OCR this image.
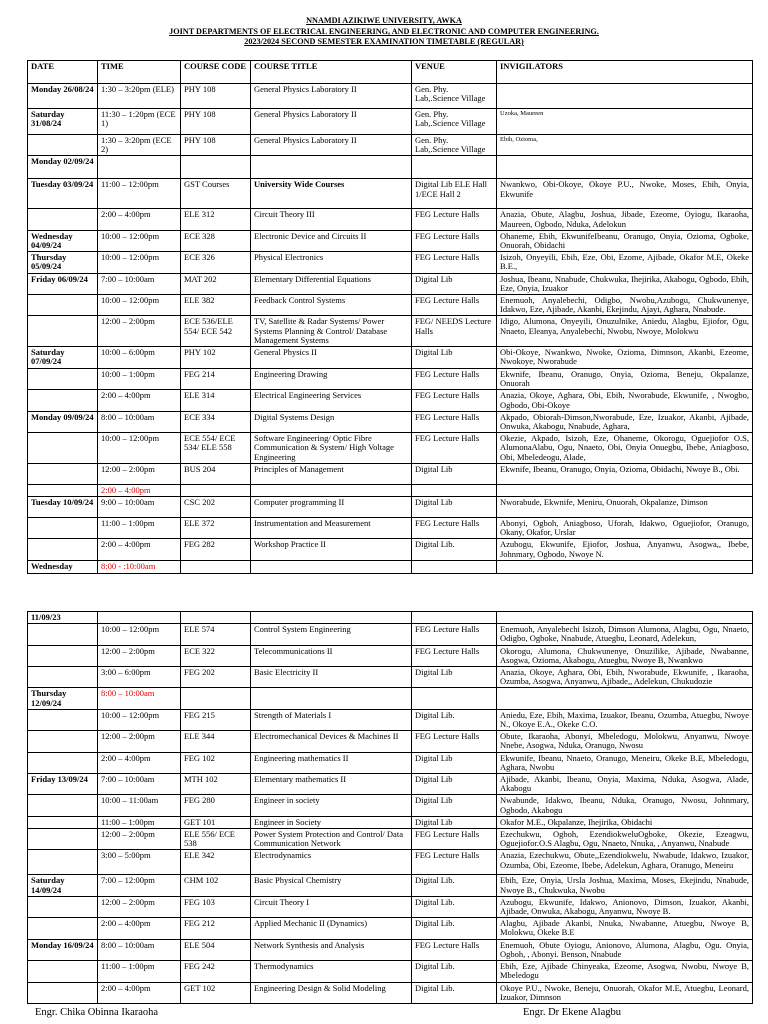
NNAMDI AZIKIWE UNIVERSITY, AWKA
JOINT DEPARTMENTS OF ELECTRICAL ENGINEERING, AND ELECTRONIC AND COMPUTER ENGINEERING.
2023/2024 SECOND SEMESTER EXAMINATION TIMETABLE (REGULAR)
DATE	TIME	COURSE CODE	COURSE TITLE	VENUE	INVIGILATORS
Monday 26/08/24	1:30 – 3:20pm (ELE)	PHY 108	General Physics Laboratory II	Gen. Phy. Lab,.Science Village	
Saturday 31/08/24	11:30 – 1:20pm (ECE 1)	PHY 108	General Physics Laboratory II	Gen. Phy. Lab,.Science Village	Uzoka, Maureen
	1:30 – 3:20pm (ECE 2)	PHY 108	General Physics Laboratory II	Gen. Phy. Lab,.Science Village	Ebih, Ozioma,
Monday 02/09/24					
Tuesday 03/09/24	11:00 – 12:00pm	GST Courses	University Wide Courses	Digital Lib ELE Hall 1/ECE Hall 2	Nwankwo, Obi-Okoye, Okoye P.U., Nwoke, Moses, Ebih, Onyia, Ekwunife
	2:00 – 4:00pm	ELE 312	Circuit Theory III	FEG Lecture Halls	Anazia, Obute, Alagbu, Joshua, Jibade, Ezeome, Oyiogu, Ikaraoha, Maureen, Ogbodo, Nduka, Adelokun
Wednesday 04/09/24	10:00 – 12:00pm	ECE 328	Electronic Device and Circuits II	FEG Lecture Halls	Ohaneme, Ebih, EkwunifeIbeanu, Oranugo, Onyia, Ozioma, Ogboke, Onuorah, Obidachi
Thursday 05/09/24	10:00 – 12:00pm	ECE 326	Physical Electronics	FEG Lecture Halls	Isizoh, Onyeyili, Ebih, Eze, Obi, Ezome, Ajibade, Okafor M.E, Okeke B.E.,
Friday 06/09/24	7:00 – 10:00am	MAT 202	Elementary Differential Equations	Digital Lib	Joshua, Ibeanu, Nnabude, Chukwuka, Ihejirika, Akabogu, Ogbodo, Ebih, Eze, Onyia, Izuakor
	10:00 – 12:00pm	ELE 382	Feedback Control Systems	FEG Lecture Halls	Enemuoh, Anyalebechi, Odigbo, Nwobu,Azubogu, Chukwunenye, Idakwo, Eze, Ajibade, Akanbi, Ekejindu, Ajayi, Aghara, Nnabude.
	12:00 – 2:00pm	ECE 536/ELE 554/ ECE 542	TV, Satellite & Radar Systems/ Power Systems Planning & Control/ Database Management Systems	FEG/ NEEDS Lecture Halls	Idigo, Alumona, Onyeyili, Onuzulnike, Aniedu, Alagbu, Ejiofor, Ogu, Nnaeto, Eleanya, Anyalebechi, Nwobu, Nwoye, Molokwu
Saturday 07/09/24	10:00 – 6:00pm	PHY 102	General Physics II	Digital Lib	Obi-Okoye, Nwankwo, Nwoke, Ozioma, Dimnson, Akanbi, Ezeome, Nwokoye, Nworabude
	10:00 – 1:00pm	FEG 214	Engineering Drawing	FEG Lecture Halls	Ekwnife, Ibeanu, Oranugo, Onyia, Ozioma, Beneju, Okpalanze, Onuorah
	2:00 – 4:00pm	ELE 314	Electrical Engineering Services	FEG Lecture Halls	Anazia, Okoye, Aghara, Obi, Ebih, Nworabude, Ekwunife, , Nwogbo, Ogbodo, Obi-Okoye
Monday 09/09/24	8:00 – 10:00am	ECE 334	Digital Systems Design	FEG Lecture Halls	Akpado, Obiorah-Dimson,Nworabude, Eze, Izuakor, Akanbi, Ajibade, Onwuka, Akabogu, Nnabude, Aghara,
	10:00 – 12:00pm	ECE 554/ ECE 534/ ELE 558	Software Engineering/ Optic Fibre Communication & System/ High Voltage Engineering	FEG Lecture Halls	Okezie, Akpado, Isizoh, Eze, Ohaneme, Okorogu, Oguejiofor O.S, AlumonaAlabu, Ogu, Nnaeto, Obi, Onyia Onuegbu, Ibebe, Aniagboso, Obi, Mbeledeogu, Alade,
	12:00 – 2:00pm	BUS 204	Principles of Management	Digital Lib	Ekwnife, Ibeanu, Oranugo, Onyia, Ozioma, Obidachi, Nwoye B., Obi.
	2:00 – 4:00pm				
Tuesday 10/09/24	9:00 – 10:00am	CSC 202	Computer programming II	Digital Lib	Nworabude, Ekwnife, Meniru, Onuorah, Okpalanze, Dimson
	11:00 – 1:00pm	ELE 372	Instrumentation and Measurement	FEG Lecture Halls	Abonyi, Ogboh, Aniagboso, Uforah, Idakwo, Oguejiofor, Oranugo, Okany, Okafor, Urslar
	2:00 – 4:00pm	FEG 282	Workshop Practice II	Digital Lib.	Azubogu, Ekwunife, Ejiofor, Joshua, Anyanwu, Asogwa,, Ibebe, Johnmary, Ogbodo, Nwoye N.
Wednesday	8:00 - :10:00am				
11/09/23					
	10:00 – 12:00pm	ELE 574	Control System Engineering	FEG Lecture Halls	Enemuoh, Anyalebechi Isizoh, Dimson Alumona, Alagbu, Ogu, Nnaeto, Odigbo, Ogboke, Nnabude, Atuegbu, Leonard, Adelekun,
	12:00 – 2:00pm	ECE 322	Telecommunications II	FEG Lecture Halls	Okorogu, Alumona, Chukwunenye, Onuzilike, Ajibade, Nwabanne, Asogwa, Ozioma, Akabogu, Atuegbu, Nwoye B, Nwankwo
	3:00 – 6:00pm	FEG 202	Basic Electricity II	Digital Lib	Anazia, Okoye, Aghara, Obi, Ebih, Nworabude, Ekwunife, , Ikaraoha, Ozumba, Asogwa, Anyanwu, Ajibade,, Adelekun, Chukudozie
Thursday 12/09/24	8:00 – 10:00am				
	10:00 – 12:00pm	FEG 215	Strength of Materials I	Digital Lib.	Aniedu, Eze, Ebih, Maxima, Izuakor, Ibeanu, Ozumba, Atuegbu, Nwoye N., Okoye E.A., Okeke C.O.
	12:00 – 2:00pm	ELE 344	Electromechanical Devices & Machines II	FEG Lecture Halls	Obute, Ikaraoha, Abonyi, Mbeledogu, Molokwu, Anyanwu, Nwoye Nnebe, Asogwa, Nduka, Oranugo, Nwosu
	2:00 – 4:00pm	FEG 102	Engineering mathematics II	Digital Lib	Ekwunife, Ibeanu, Nnaeto, Oranugo, Meneiru, Okeke B.E, Mbeledogu, Aghara, Nwobu
Friday 13/09/24	7:00 – 10:00am	MTH 102	Elementary mathematics II	Digital Lib	Ajibade, Akanbi, Ibeanu, Onyia, Maxima, Nduka, Asogwa, Alade, Akabogu
	10:00 – 11:00am	FEG 280	Engineer in society	Digital Lib	Nwabunde, Idakwo, Ibeanu, Nduka, Oranugo, Nwosu, Johnmary, Ogbodo, Akabogu
	11:00 – 1:00pm	GET 101	Engineer in Society	Digital Lib	Okafor M.E., Okpalanze, Ihejirika, Obidachi
	12:00 – 2:00pm	ELE 556/ ECE 538	Power System Protection and Control/ Data Communication Network	FEG Lecture Halls	Ezechukwu, Ogboh, EzendiokweluOgboke, Okezie, Ezeagwu, Oguejiofor.O.S Alagbu, Ogu, Nnaeto, Nnuka, , Anyanwu, Nnabude
	3:00 – 5:00pm	ELE 342	Electrodynamics	FEG Lecture Halls	Anazia, Ezechukwu, Obute,,Ezendiokwelu, Nwabude, Idakwo, Izuakor, Ozumba, Obi, Ezeome, Ibebe, Adelekun, Aghara, Oranugo, Meneiru
Saturday 14/09/24	7:00 – 12:00pm	CHM 102	Basic Physical Chemistry	Digital Lib.	Ebih, Eze, Onyia, Ursla Joshua, Maxima, Moses, Ekejindu, Nnabude, Nwoye B., Chukwuka, Nwobu
	12:00 – 2:00pm	FEG 103	Circuit Theory I	Digital Lib.	Azubogu, Ekwunife, Idakwo, Anionovo, Dimson, Izuakor, Akanbi, Ajibade, Onwuka, Akabogu, Anyanwu, Nwoye B.
	2:00 – 4:00pm	FEG 212	Applied Mechanic II (Dynamics)	Digital Lib.	Alagbu, Ajibade Akanbi, Nnuka, Nwabanne, Atuegbu, Nwoye B, Molokwu, Okeke B.E
Monday 16/09/24	8:00 – 10:00am	ELE 504	Network Synthesis and Analysis	FEG Lecture Halls	Enemuoh, Obute Oyiogu, Anionovo, Alumona, Alagbu, Ogu. Onyia, Ogboh, , Abonyi. Benson, Nnabude
	11:00 – 1:00pm	FEG 242	Thermodynamics	Digital Lib.	Ebih, Eze, Ajibade Chinyeaka, Ezeome, Asogwa, Nwobu, Nwoye B, Mbeledogu
	2:00 – 4:00pm	GET 102	Engineering Design & Solid Modeling	Digital Lib.	Okoye P.U., Nwoke, Beneju, Onuorah, Okafor M.E, Atuegbu, Leonard, Izuakor, Dimnson
Engr. Chika Obinna Ikaraoha	Engr. Dr Ekene Alagbu
